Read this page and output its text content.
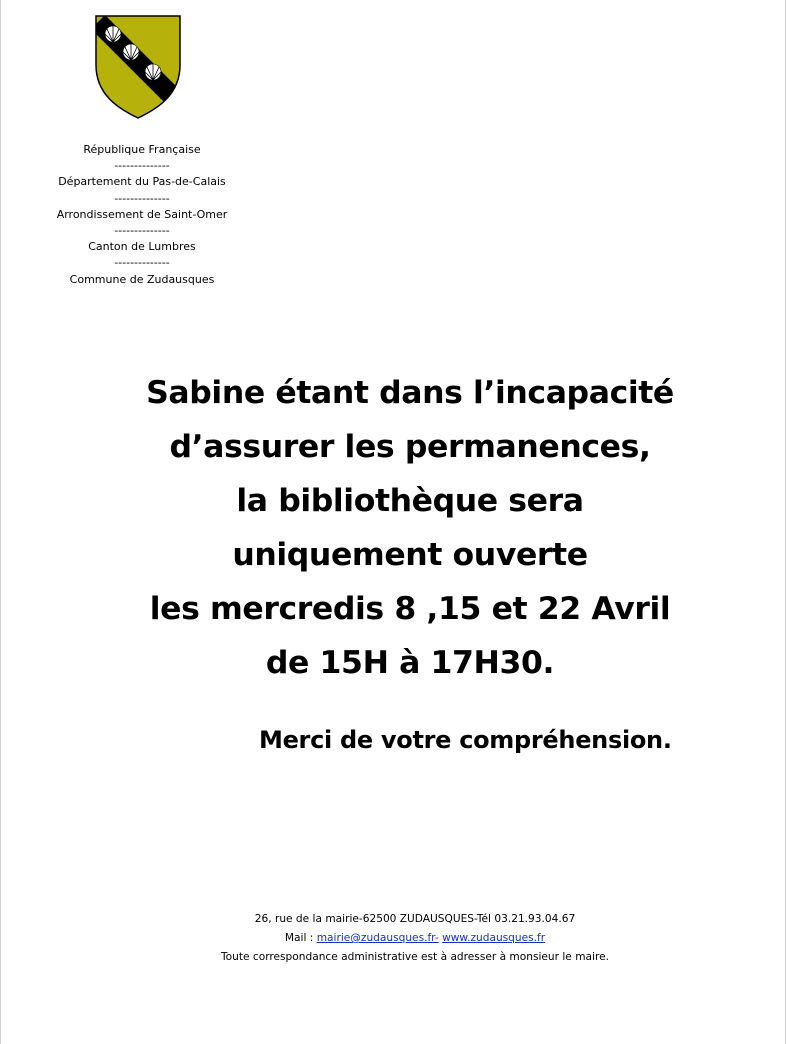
République Française
--------------
Département du Pas-de-Calais
--------------
Arrondissement de Saint-Omer
--------------
Canton de Lumbres
--------------
Commune de Zudausques
Sabine étant dans l’incapacité
d’assurer les permanences,
la bibliothèque sera
uniquement ouverte
les mercredis 8 ,15 et 22 Avril
de 15H à 17H30.
Merci de votre compréhension.
26, rue de la mairie-62500 ZUDAUSQUES-Tél 03.21.93.04.67
Mail : mairie@zudausques.fr- www.zudausques.fr
Toute correspondance administrative est à adresser à monsieur le maire.
